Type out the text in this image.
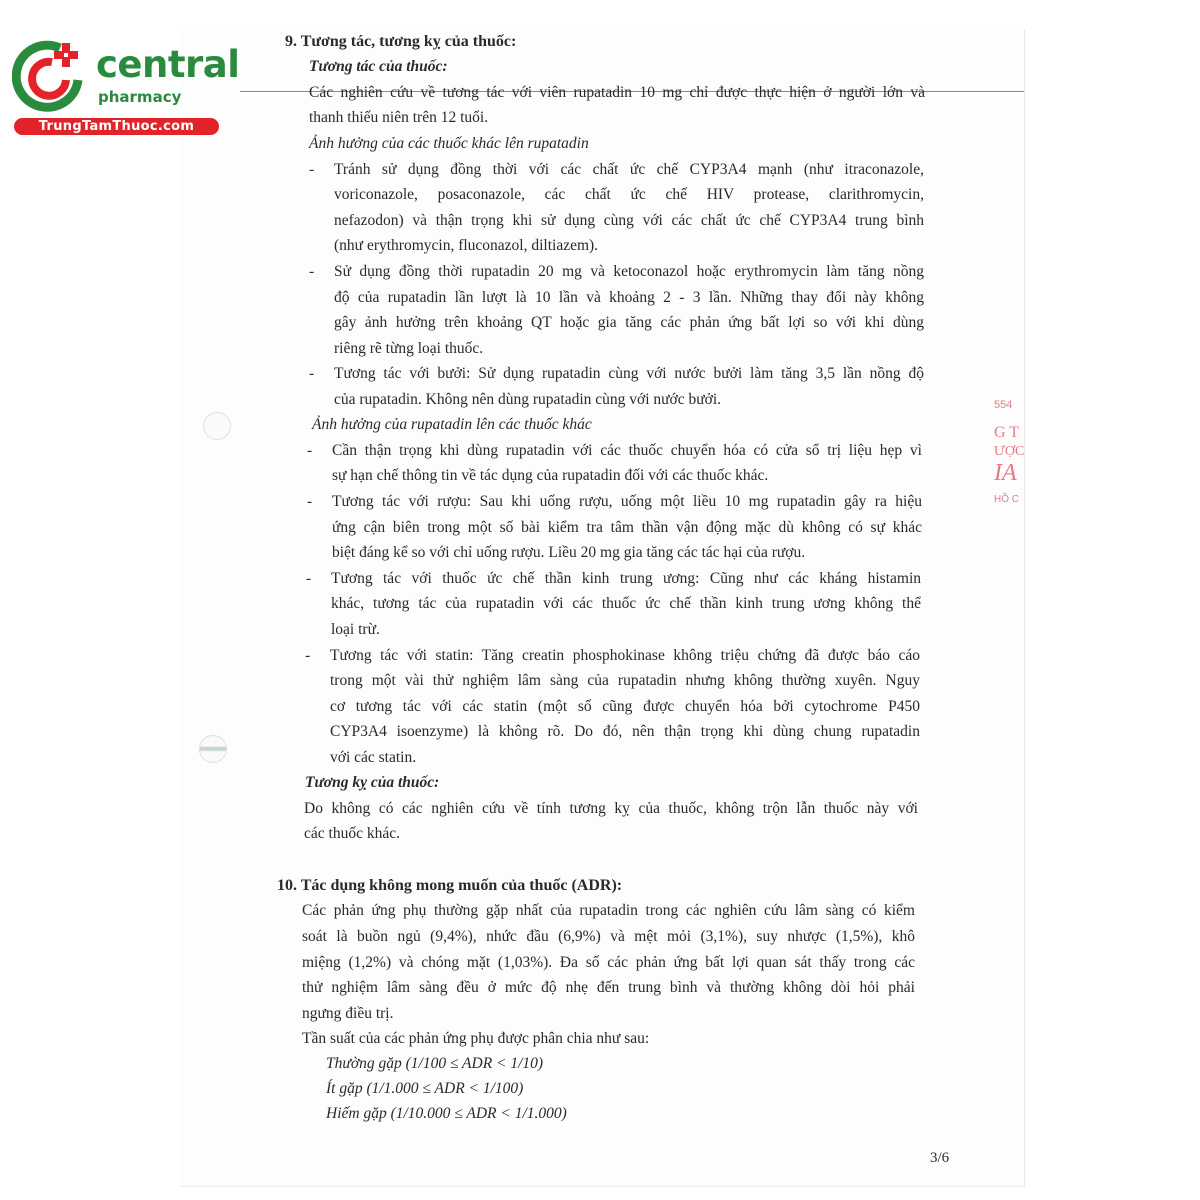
554
G T
ƯỢC
IA
HỒ C
central
pharmacy
TrungTamThuoc.com
9. Tương tác, tương kỵ của thuốc:
Tương tác của thuốc:
Các nghiên cứu về tương tác với viên rupatadin 10 mg chỉ được thực hiện ở người lớn và
thanh thiếu niên trên 12 tuổi.
Ảnh hưởng của các thuốc khác lên rupatadin
- Tránh sử dụng đồng thời với các chất ức chế CYP3A4 mạnh (như itraconazole,
voriconazole, posaconazole, các chất ức chế HIV protease, clarithromycin,
nefazodon) và thận trọng khi sử dụng cùng với các chất ức chế CYP3A4 trung bình
(như erythromycin, fluconazol, diltiazem).
- Sử dụng đồng thời rupatadin 20 mg và ketoconazol hoặc erythromycin làm tăng nồng
độ của rupatadin lần lượt là 10 lần và khoảng 2 - 3 lần. Những thay đổi này không
gây ảnh hưởng trên khoảng QT hoặc gia tăng các phản ứng bất lợi so với khi dùng
riêng rẽ từng loại thuốc.
- Tương tác với bưởi: Sử dụng rupatadin cùng với nước bưởi làm tăng 3,5 lần nồng độ
của rupatadin. Không nên dùng rupatadin cùng với nước bưởi.
Ảnh hưởng của rupatadin lên các thuốc khác
- Cần thận trọng khi dùng rupatadin với các thuốc chuyển hóa có cửa sổ trị liệu hẹp vì
sự hạn chế thông tin về tác dụng của rupatadin đối với các thuốc khác.
- Tương tác với rượu: Sau khi uống rượu, uống một liều 10 mg rupatadin gây ra hiệu
ứng cận biên trong một số bài kiểm tra tâm thần vận động mặc dù không có sự khác
biệt đáng kể so với chỉ uống rượu. Liều 20 mg gia tăng các tác hại của rượu.
- Tương tác với thuốc ức chế thần kinh trung ương: Cũng như các kháng histamin
khác, tương tác của rupatadin với các thuốc ức chế thần kinh trung ương không thể
loại trừ.
- Tương tác với statin: Tăng creatin phosphokinase không triệu chứng đã được báo cáo
trong một vài thử nghiệm lâm sàng của rupatadin nhưng không thường xuyên. Nguy
cơ tương tác với các statin (một số cũng được chuyển hóa bởi cytochrome P450
CYP3A4 isoenzyme) là không rõ. Do đó, nên thận trọng khi dùng chung rupatadin
với các statin.
Tương kỵ của thuốc:
Do không có các nghiên cứu về tính tương kỵ của thuốc, không trộn lẫn thuốc này với
các thuốc khác.
10. Tác dụng không mong muốn của thuốc (ADR):
Các phản ứng phụ thường gặp nhất của rupatadin trong các nghiên cứu lâm sàng có kiểm
soát là buồn ngủ (9,4%), nhức đầu (6,9%) và mệt mỏi (3,1%), suy nhược (1,5%), khô
miệng (1,2%) và chóng mặt (1,03%). Đa số các phản ứng bất lợi quan sát thấy trong các
thử nghiệm lâm sàng đều ở mức độ nhẹ đến trung bình và thường không dòi hỏi phải
ngưng điều trị.
Tần suất của các phản ứng phụ được phân chia như sau:
Thường gặp (1/100 ≤ ADR < 1/10)
Ít gặp (1/1.000 ≤ ADR < 1/100)
Hiếm gặp (1/10.000 ≤ ADR < 1/1.000)
3/6
